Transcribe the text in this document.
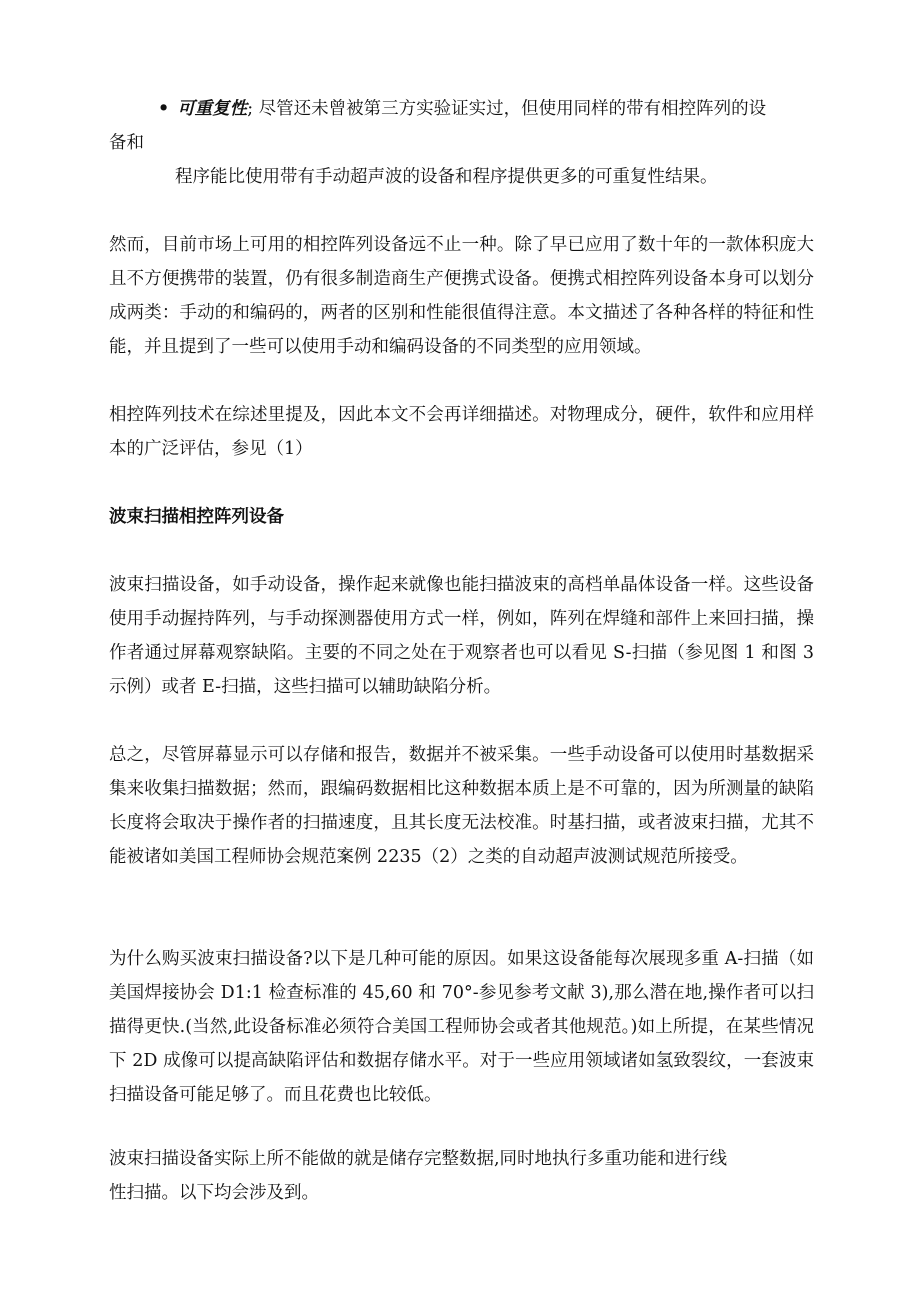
• 可重复性; 尽管还未曾被第三方实验证实过，但使用同样的带有相控阵列的设
备和
程序能比使用带有手动超声波的设备和程序提供更多的可重复性结果。

然而，目前市场上可用的相控阵列设备远不止一种。除了早已应用了数十年的一款体积庞大且不方便携带的装置，仍有很多制造商生产便携式设备。便携式相控阵列设备本身可以划分成两类：手动的和编码的，两者的区别和性能很值得注意。本文描述了各种各样的特征和性能，并且提到了一些可以使用手动和编码设备的不同类型的应用领域。

相控阵列技术在综述里提及，因此本文不会再详细描述。对物理成分，硬件，软件和应用样本的广泛评估，参见（1）

波束扫描相控阵列设备

波束扫描设备，如手动设备，操作起来就像也能扫描波束的高档单晶体设备一样。这些设备使用手动握持阵列，与手动探测器使用方式一样，例如，阵列在焊缝和部件上来回扫描，操作者通过屏幕观察缺陷。主要的不同之处在于观察者也可以看见 S-扫描（参见图 1 和图 3 示例）或者 E-扫描，这些扫描可以辅助缺陷分析。

总之，尽管屏幕显示可以存储和报告，数据并不被采集。一些手动设备可以使用时基数据采集来收集扫描数据；然而，跟编码数据相比这种数据本质上是不可靠的，因为所测量的缺陷长度将会取决于操作者的扫描速度，且其长度无法校准。时基扫描，或者波束扫描，尤其不能被诸如美国工程师协会规范案例 2235（2）之类的自动超声波测试规范所接受。

为什么购买波束扫描设备?以下是几种可能的原因。如果这设备能每次展现多重 A-扫描（如美国焊接协会 D1:1 检查标准的 45,60 和 70°-参见参考文献 3),那么潜在地,操作者可以扫描得更快.(当然,此设备标准必须符合美国工程师协会或者其他规范。)如上所提，在某些情况下 2D 成像可以提高缺陷评估和数据存储水平。对于一些应用领域诸如氢致裂纹，一套波束扫描设备可能足够了。而且花费也比较低。

波束扫描设备实际上所不能做的就是储存完整数据,同时地执行多重功能和进行线
性扫描。以下均会涉及到。
